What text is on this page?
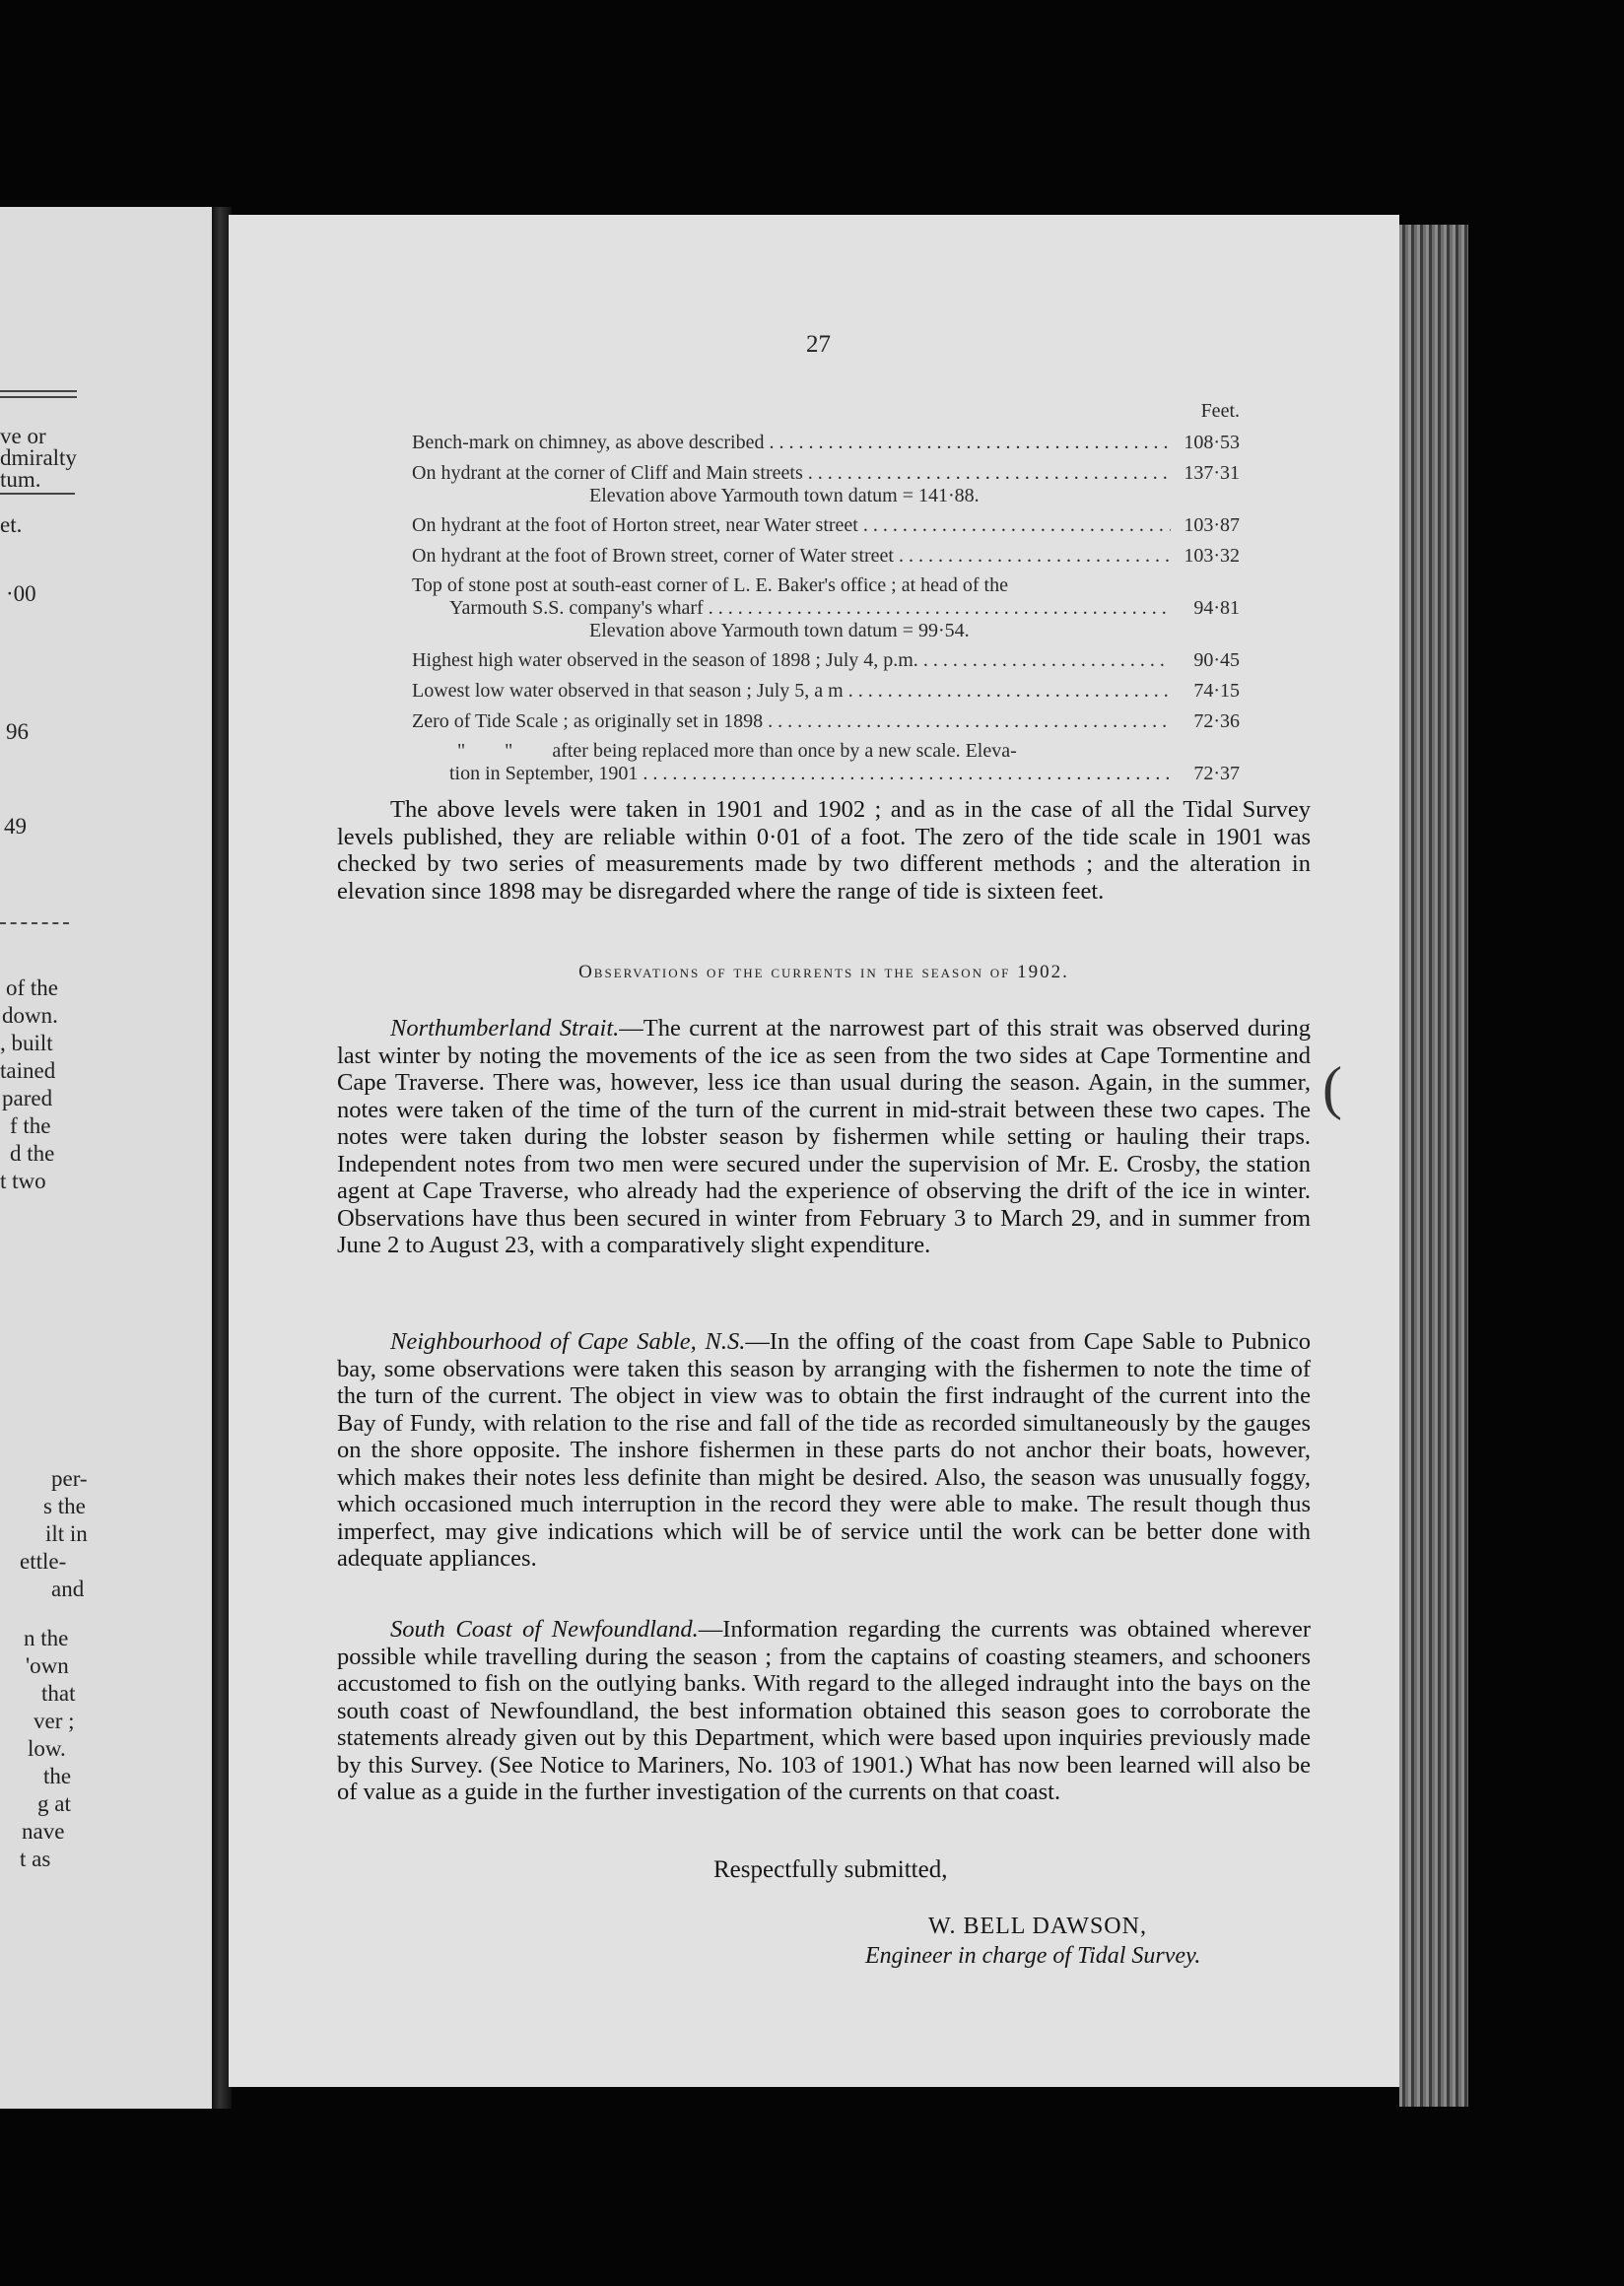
ve or
dmiralty
tum.
et.
·00
96
49
of the
down.
, built
tained
pared
f the
d the
t two
per-
s the
ilt in
ettle-
and
n the
'own
that
ver ;
low.
the
g at
nave
t as
27
Feet.
Bench-mark on chimney, as above described . . .	108·53
On hydrant at the corner of Cliff and Main streets . . .	137·31
Elevation above Yarmouth town datum = 141·88.
On hydrant at the foot of Horton street, near Water street . . .	103·87
On hydrant at the foot of Brown street, corner of Water street . . .	103·32
Top of stone post at south-east corner of L. E. Baker's office ; at head of the
Yarmouth S.S. company's wharf . . .	94·81
Elevation above Yarmouth town datum = 99·54.
Highest high water observed in the season of 1898 ; July 4, p.m. . . .	90·45
Lowest low water observed in that season ; July 5, a m . . .	74·15
Zero of Tide Scale ; as originally set in 1898 . . .	72·36
"        "        after being replaced more than once by a new scale. Eleva-
tion in September, 1901 . . .	72·37

The above levels were taken in 1901 and 1902 ; and as in the case of all the Tidal Survey levels published, they are reliable within 0·01 of a foot. The zero of the tide scale in 1901 was checked by two series of measurements made by two different methods ; and the alteration in elevation since 1898 may be disregarded where the range of tide is sixteen feet.

Observations of the currents in the season of 1902.

Northumberland Strait.—The current at the narrowest part of this strait was observed during last winter by noting the movements of the ice as seen from the two sides at Cape Tormentine and Cape Traverse. There was, however, less ice than usual during the season. Again, in the summer, notes were taken of the time of the turn of the current in mid-strait between these two capes. The notes were taken during the lobster season by fishermen while setting or hauling their traps. Independent notes from two men were secured under the supervision of Mr. E. Crosby, the station agent at Cape Traverse, who already had the experience of observing the drift of the ice in winter. Observations have thus been secured in winter from February 3 to March 29, and in summer from June 2 to August 23, with a comparatively slight expenditure.

Neighbourhood of Cape Sable, N.S.—In the offing of the coast from Cape Sable to Pubnico bay, some observations were taken this season by arranging with the fishermen to note the time of the turn of the current. The object in view was to obtain the first indraught of the current into the Bay of Fundy, with relation to the rise and fall of the tide as recorded simultaneously by the gauges on the shore opposite. The inshore fishermen in these parts do not anchor their boats, however, which makes their notes less definite than might be desired. Also, the season was unusually foggy, which occasioned much interruption in the record they were able to make. The result though thus imperfect, may give indications which will be of service until the work can be better done with adequate appliances.

South Coast of Newfoundland.—Information regarding the currents was obtained wherever possible while travelling during the season ; from the captains of coasting steamers, and schooners accustomed to fish on the outlying banks. With regard to the alleged indraught into the bays on the south coast of Newfoundland, the best information obtained this season goes to corroborate the statements already given out by this Department, which were based upon inquiries previously made by this Survey. (See Notice to Mariners, No. 103 of 1901.) What has now been learned will also be of value as a guide in the further investigation of the currents on that coast.

Respectfully submitted,
W. BELL DAWSON,
Engineer in charge of Tidal Survey.
(
